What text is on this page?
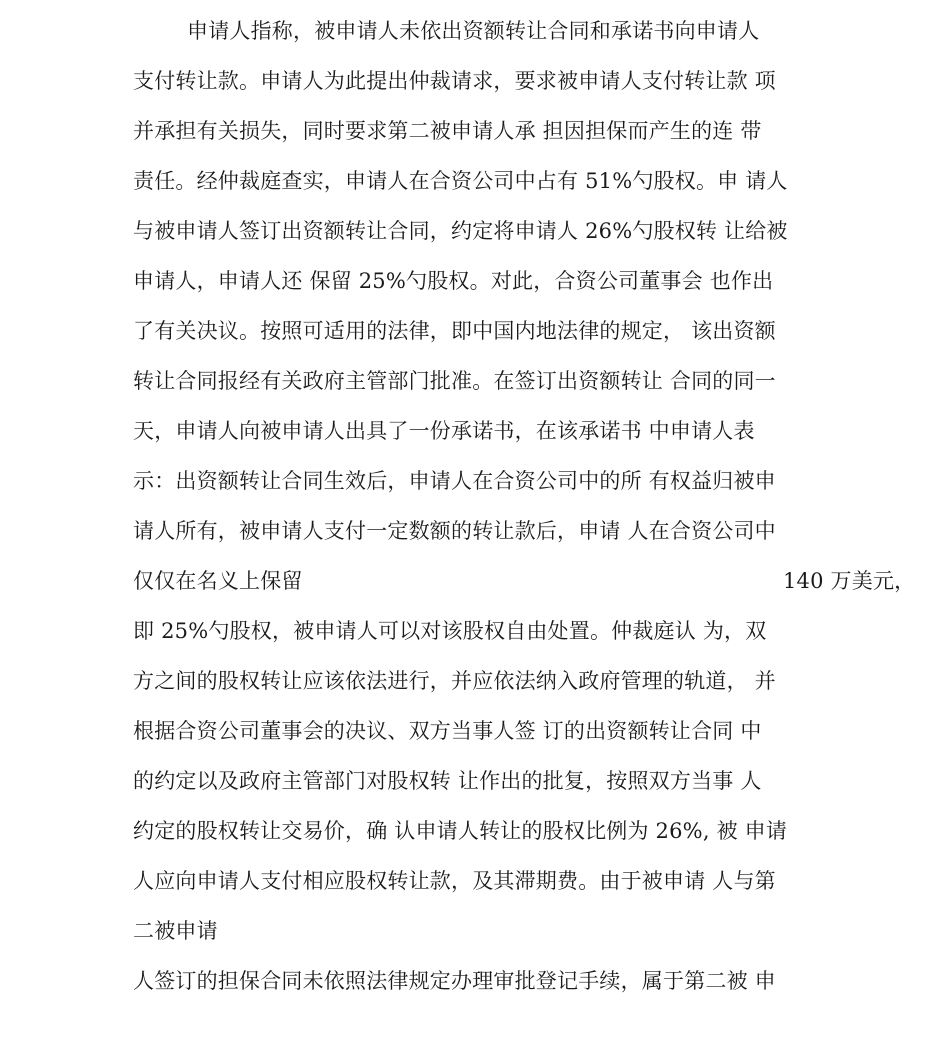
申请人指称，被申请人未依出资额转让合同和承诺书向申请人
支付转让款。申请人为此提出仲裁请求，要求被申请人支付转让款 项
并承担有关损失，同时要求第二被申请人承 担因担保而产生的连 带
责任。经仲裁庭查实，申请人在合资公司中占有 51%勺股权。申 请人
与被申请人签订出资额转让合同，约定将申请人 26%勺股权转 让给被
申请人，申请人还 保留 25%勺股权。对此，合资公司董事会 也作出
了有关决议。按照可适用的法律，即中国内地法律的规定， 该出资额
转让合同报经有关政府主管部门批准。在签订出资额转让 合同的同一
天，申请人向被申请人出具了一份承诺书，在该承诺书 中申请人表
示：出资额转让合同生效后，申请人在合资公司中的所 有权益归被申
请人所有，被申请人支付一定数额的转让款后，申请 人在合资公司中
仅仅在名义上保留	140 万美元，
即 25%勺股权，被申请人可以对该股权自由处置。仲裁庭认 为，双
方之间的股权转让应该依法进行，并应依法纳入政府管理的轨道， 并
根据合资公司董事会的决议、双方当事人签 订的出资额转让合同 中
的约定以及政府主管部门对股权转 让作出的批复，按照双方当事 人
约定的股权转让交易价，确 认申请人转让的股权比例为 26%, 被 申请
人应向申请人支付相应股权转让款，及其滞期费。由于被申请 人与第
二被申请
人签订的担保合同未依照法律规定办理审批登记手续，属于第二被 申
